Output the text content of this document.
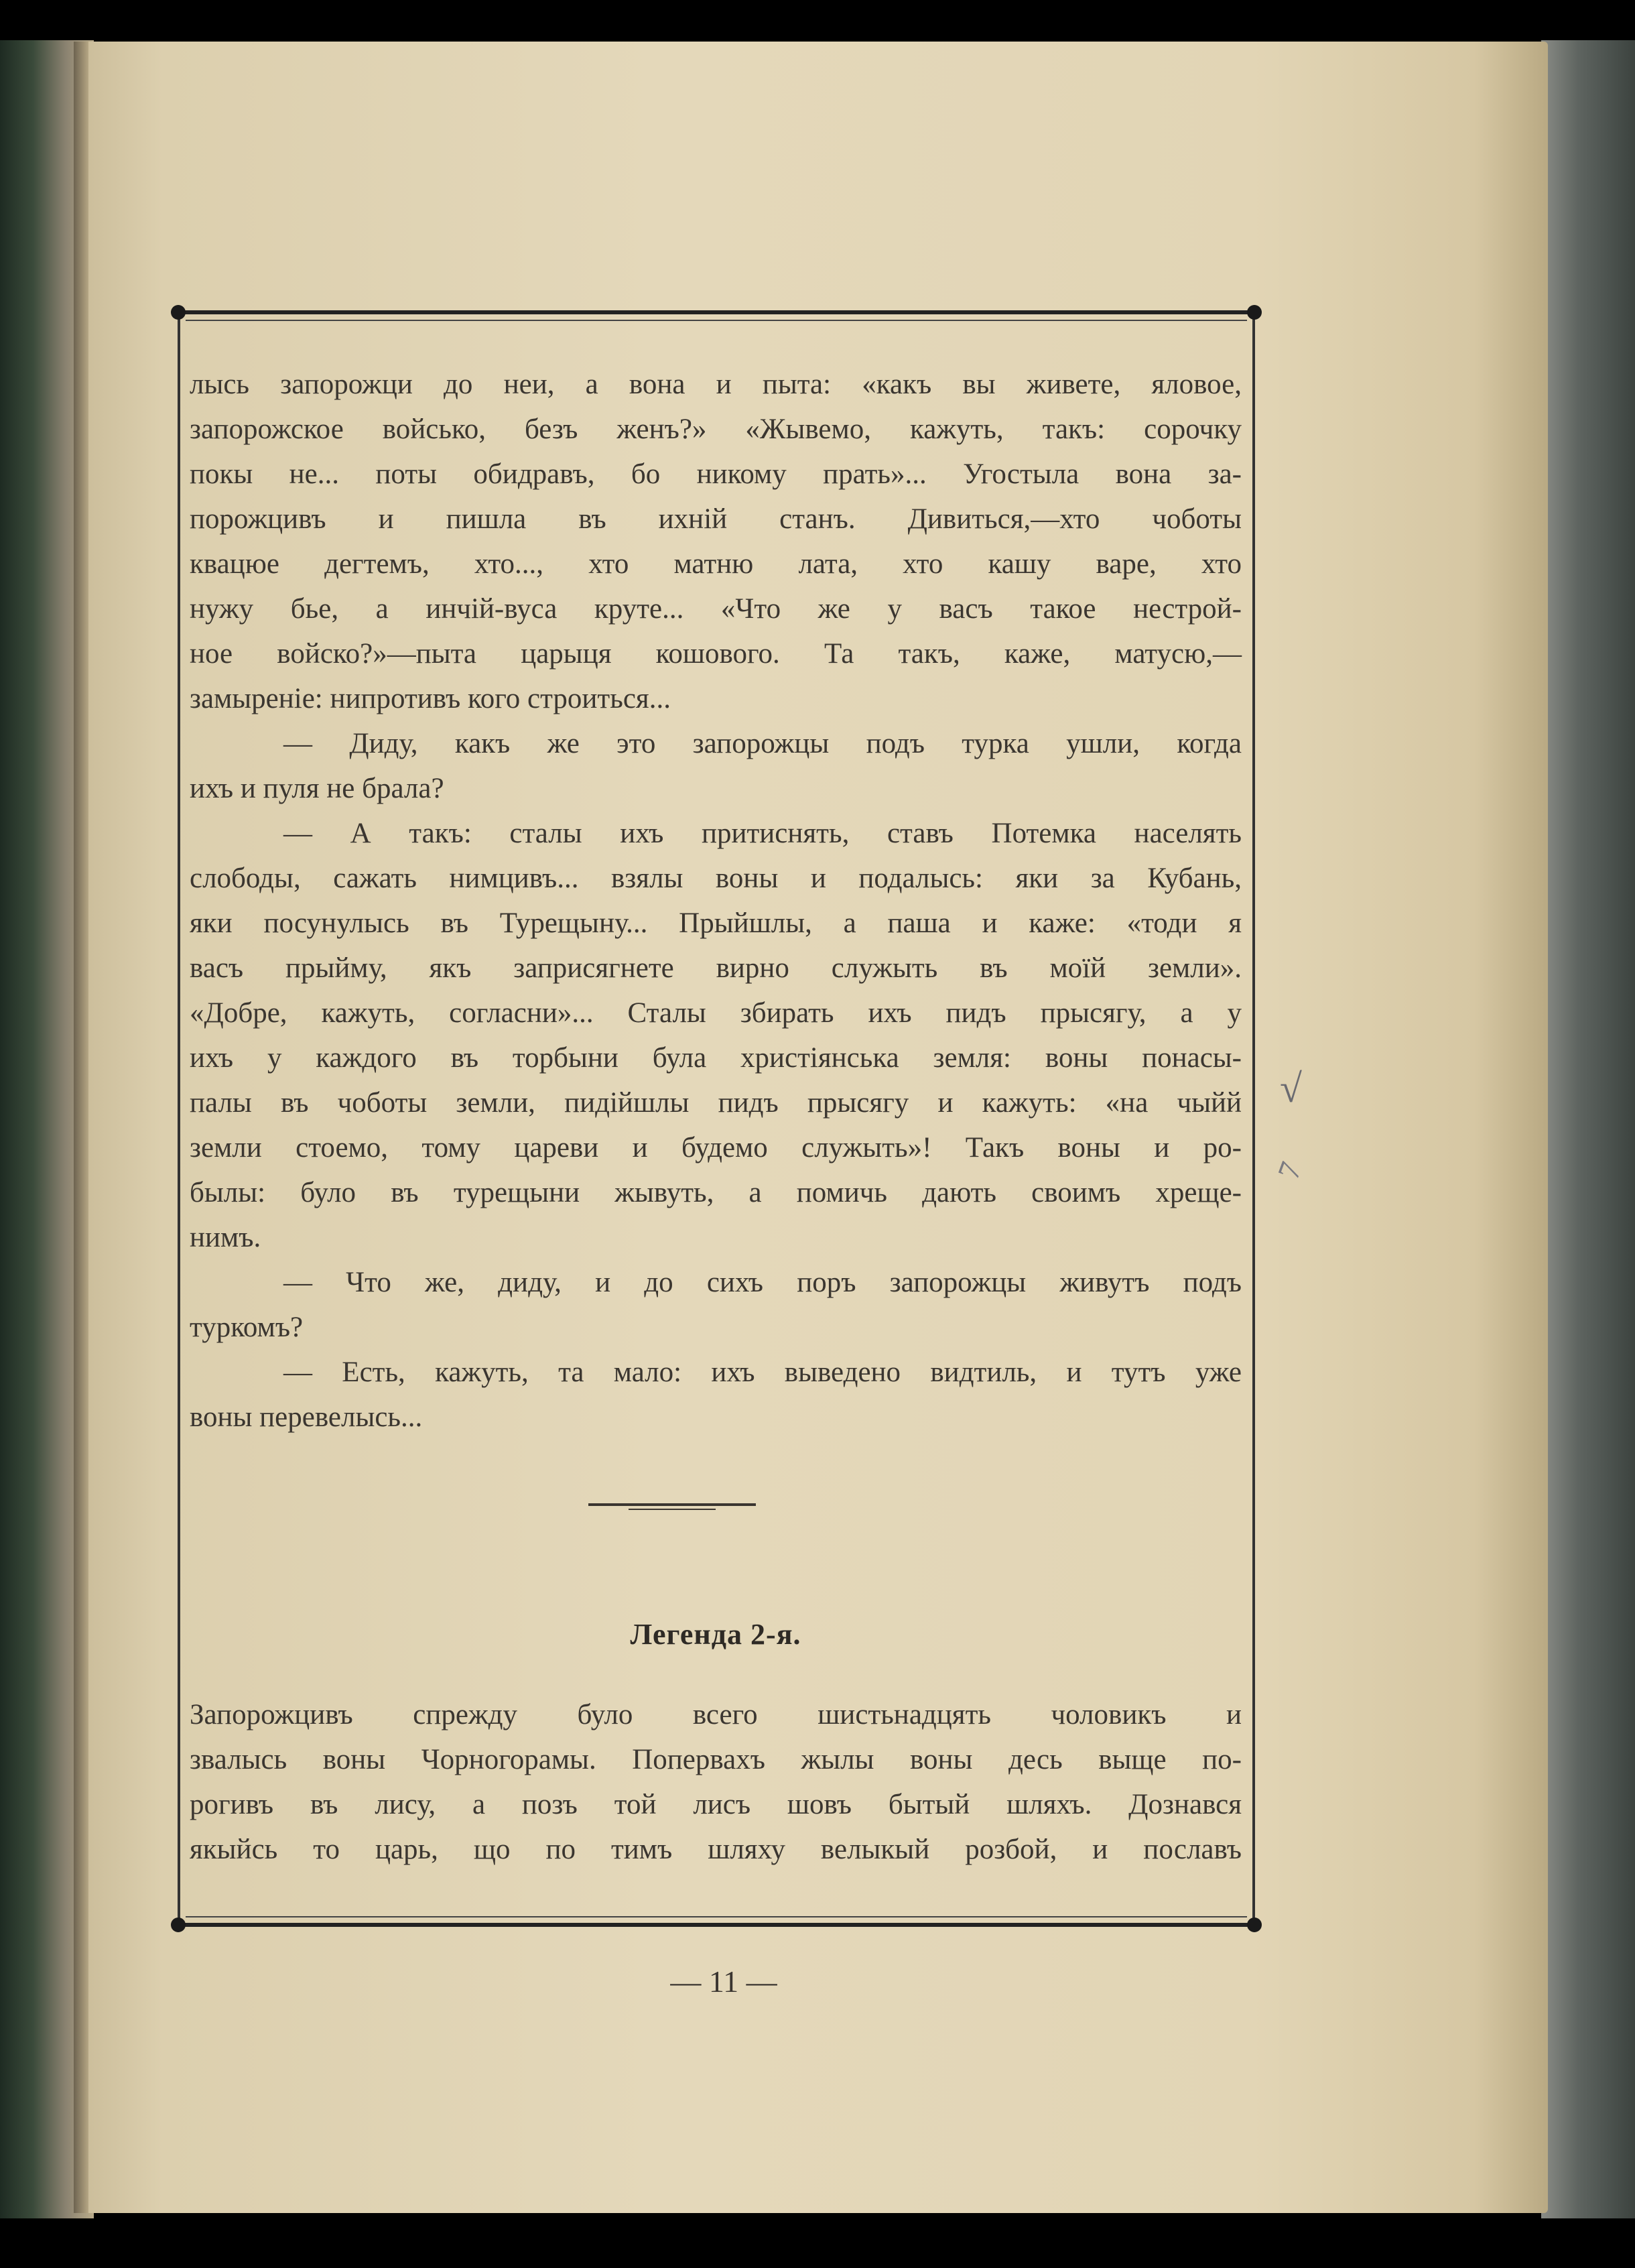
лысь запорожци до неи, а вона и пыта: «какъ вы живете, яловое,

запорожское войсько, безъ женъ?» «Жывемо, кажуть, такъ: сорочку

покы не... поты обидравъ, бо никому прать»... Угостыла вона за-

порожцивъ и пишла въ ихній станъ. Дивиться,—хто чоботы

квацюе дегтемъ, хто..., хто матню лата, хто кашу варе, хто

нужу бье, а инчій-вуса круте... «Что же у васъ такое нестрой-

ное войско?»—пыта царыця кошового. Та такъ, каже, матусю,—

замыреніе: нипротивъ кого строиться...

— Диду, какъ же это запорожцы подъ турка ушли, когда

ихъ и пуля не брала?

— А такъ: сталы ихъ притиснять, ставъ Потемка населять

слободы, сажать нимцивъ... взялы воны и подалысь: яки за Кубань,

яки посунулысь въ Турещыну... Прыйшлы, а паша и каже: «тоди я

васъ прыйму, якъ заприсягнете вирно служыть въ моїй земли».

«Добре, кажуть, согласни»... Сталы збирать ихъ пидъ прысягу, а у

ихъ у каждого въ торбыни була христіянська земля: воны понасы-

палы въ чоботы земли, пидійшлы пидъ прысягу и кажуть: «на чыйй

земли стоемо, тому цареви и будемо служыть»! Такъ воны и ро-

былы: було въ турещыни жывуть, а помичь дають своимъ хреще-

нимъ.

— Что же, диду, и до сихъ поръ запорожцы живутъ подъ

туркомъ?

— Есть, кажуть, та мало: ихъ выведено видтиль, и тутъ уже

воны перевелысь...

Легенда 2-я.

Запорожцивъ спрежду було всего шистьнадцять чоловикъ и

звалысь воны Чорногорамы. Поперваxъ жылы воны десь выще по-

рогивъ въ лису, а позъ той лисъ шовъ бытый шляхъ. Дознався

якыйсь то царь, що по тимъ шляху велыкый розбой, и пославъ

— 11 —
√
7
